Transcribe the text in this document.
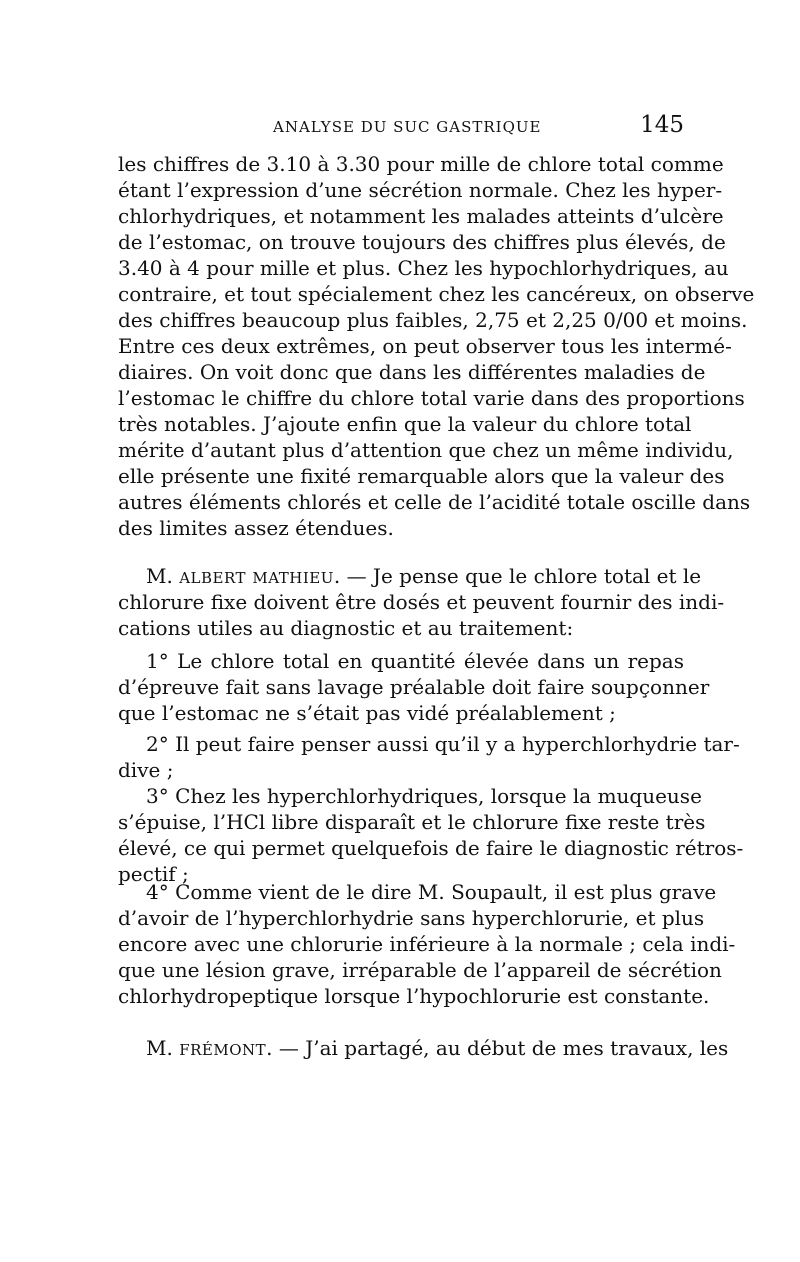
ANALYSE DU SUC GASTRIQUE	145
les chiffres de 3.10 à 3.30 pour mille de chlore total comme
étant l’expression d’une sécrétion normale. Chez les hyper-
chlorhydriques, et notamment les malades atteints d’ulcère
de l’estomac, on trouve toujours des chiffres plus élevés, de
3.40 à 4 pour mille et plus. Chez les hypochlorhydriques, au
contraire, et tout spécialement chez les cancéreux, on observe
des chiffres beaucoup plus faibles, 2,75 et 2,25 0/00 et moins.
Entre ces deux extrêmes, on peut observer tous les intermé-
diaires. On voit donc que dans les différentes maladies de
l’estomac le chiffre du chlore total varie dans des proportions
très notables. J’ajoute enfin que la valeur du chlore total
mérite d’autant plus d’attention que chez un même individu,
elle présente une fixité remarquable alors que la valeur des
autres éléments chlorés et celle de l’acidité totale oscille dans
des limites assez étendues.
M. ALBERT MATHIEU. — Je pense que le chlore total et le
chlorure fixe doivent être dosés et peuvent fournir des indi-
cations utiles au diagnostic et au traitement:
1° Le chlore total en quantité élevée dans un repas
d’épreuve fait sans lavage préalable doit faire soupçonner
que l’estomac ne s’était pas vidé préalablement ;
2° Il peut faire penser aussi qu’il y a hyperchlorhydrie tar-
dive ;
3° Chez les hyperchlorhydriques, lorsque la muqueuse
s’épuise, l’HCl libre disparaît et le chlorure fixe reste très
élevé, ce qui permet quelquefois de faire le diagnostic rétros-
pectif ;
4° Comme vient de le dire M. Soupault, il est plus grave
d’avoir de l’hyperchlorhydrie sans hyperchlorurie, et plus
encore avec une chlorurie inférieure à la normale ; cela indi-
que une lésion grave, irréparable de l’appareil de sécrétion
chlorhydropeptique lorsque l’hypochlorurie est constante.
M. FRÉMONT. — J’ai partagé, au début de mes travaux, les
